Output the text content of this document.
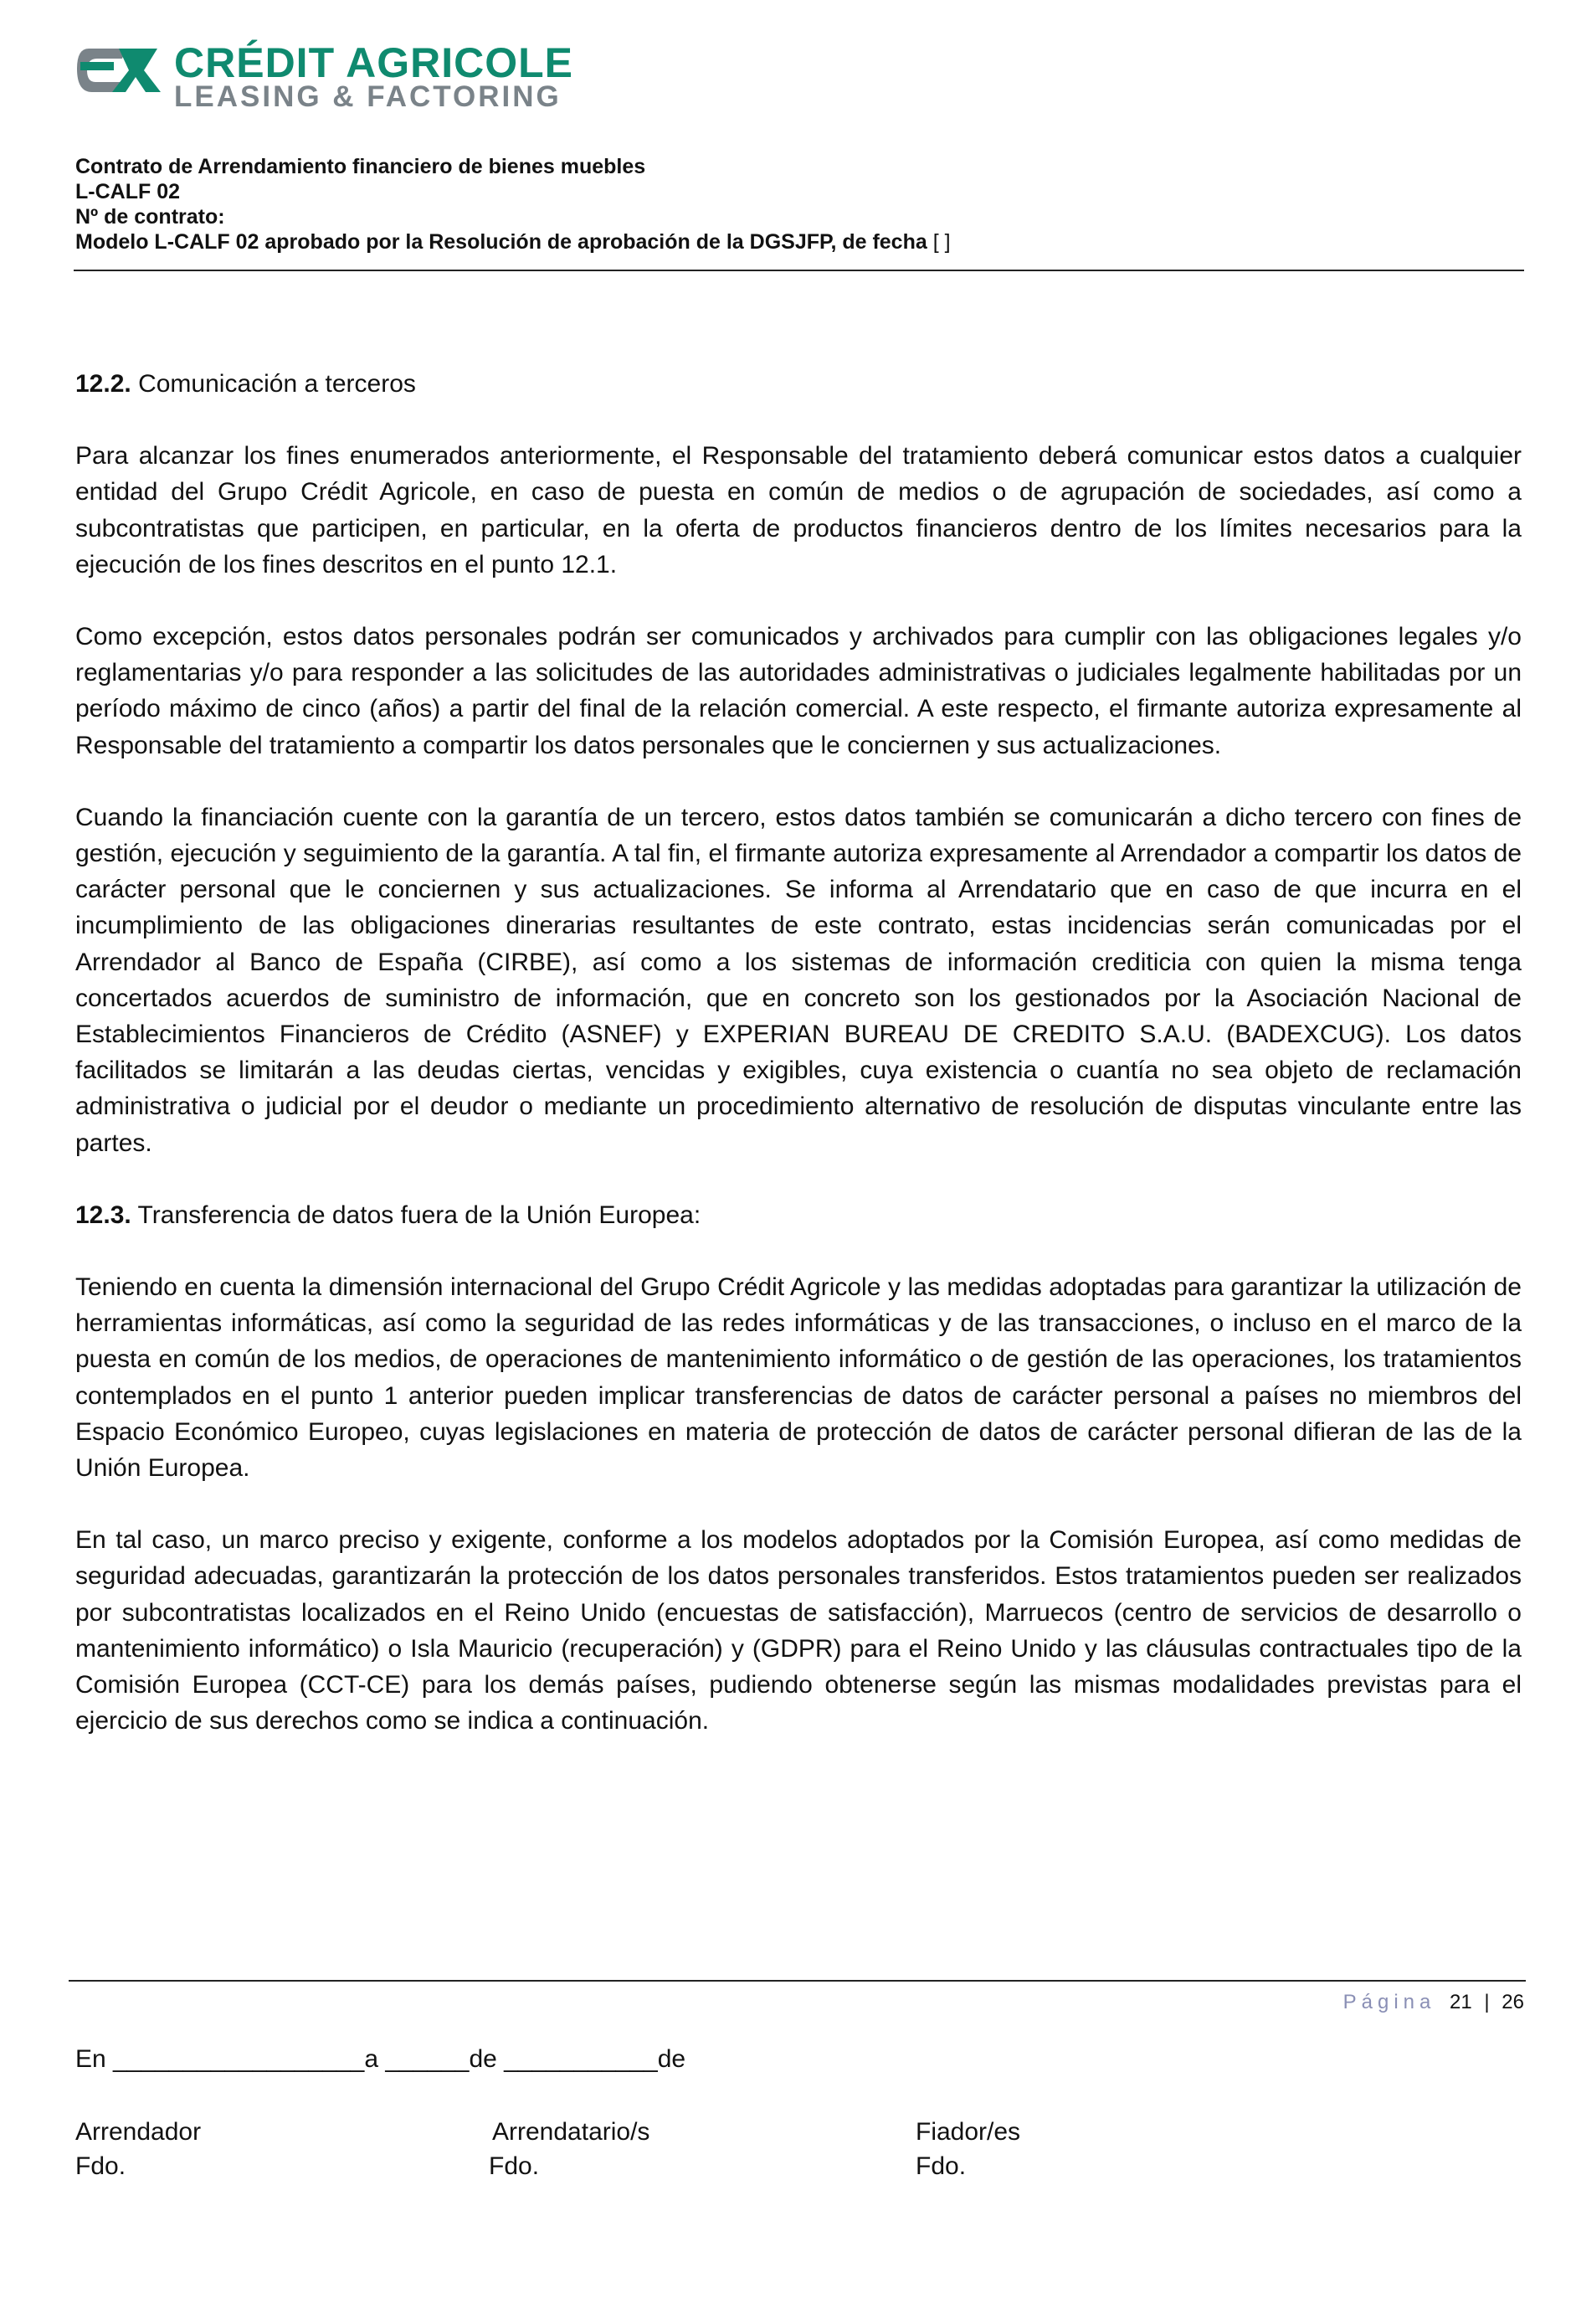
CRÉDIT AGRICOLE
LEASING & FACTORING
Contrato de Arrendamiento financiero de bienes muebles
L-CALF 02
Nº de contrato:
Modelo L-CALF 02 aprobado por la Resolución de aprobación de la DGSJFP, de fecha [ ]

12.2. Comunicación a terceros

Para alcanzar los fines enumerados anteriormente, el Responsable del tratamiento deberá comunicar estos datos a cualquier entidad del Grupo Crédit Agricole, en caso de puesta en común de medios o de agrupación de sociedades, así como a subcontratistas que participen, en particular, en la oferta de productos financieros dentro de los límites necesarios para la ejecución de los fines descritos en el punto 12.1.

Como excepción, estos datos personales podrán ser comunicados y archivados para cumplir con las obligaciones legales y/o reglamentarias y/o para responder a las solicitudes de las autoridades administrativas o judiciales legalmente habilitadas por un período máximo de cinco (años) a partir del final de la relación comercial. A este respecto, el firmante autoriza expresamente al Responsable del tratamiento a compartir los datos personales que le conciernen y sus actualizaciones.

Cuando la financiación cuente con la garantía de un tercero, estos datos también se comunicarán a dicho tercero con fines de gestión, ejecución y seguimiento de la garantía. A tal fin, el firmante autoriza expresamente al Arrendador a compartir los datos de carácter personal que le conciernen y sus actualizaciones. Se informa al Arrendatario que en caso de que incurra en el incumplimiento de las obligaciones dinerarias resultantes de este contrato, estas incidencias serán comunicadas por el Arrendador al Banco de España (CIRBE), así como a los sistemas de información crediticia con quien la misma tenga concertados acuerdos de suministro de información, que en concreto son los gestionados por la Asociación Nacional de Establecimientos Financieros de Crédito (ASNEF) y EXPERIAN BUREAU DE CREDITO S.A.U. (BADEXCUG). Los datos facilitados se limitarán a las deudas ciertas, vencidas y exigibles, cuya existencia o cuantía no sea objeto de reclamación administrativa o judicial por el deudor o mediante un procedimiento alternativo de resolución de disputas vinculante entre las partes.

12.3. Transferencia de datos fuera de la Unión Europea:

Teniendo en cuenta la dimensión internacional del Grupo Crédit Agricole y las medidas adoptadas para garantizar la utilización de herramientas informáticas, así como la seguridad de las redes informáticas y de las transacciones, o incluso en el marco de la puesta en común de los medios, de operaciones de mantenimiento informático o de gestión de las operaciones, los tratamientos contemplados en el punto 1 anterior pueden implicar transferencias de datos de carácter personal a países no miembros del Espacio Económico Europeo, cuyas legislaciones en materia de protección de datos de carácter personal difieran de las de la Unión Europea.

En tal caso, un marco preciso y exigente, conforme a los modelos adoptados por la Comisión Europea, así como medidas de seguridad adecuadas, garantizarán la protección de los datos personales transferidos. Estos tratamientos pueden ser realizados por subcontratistas localizados en el Reino Unido (encuestas de satisfacción), Marruecos (centro de servicios de desarrollo o mantenimiento informático) o Isla Mauricio (recuperación) y (GDPR) para el Reino Unido y las cláusulas contractuales tipo de la Comisión Europea (CCT-CE) para los demás países, pudiendo obtenerse según las mismas modalidades previstas para el ejercicio de sus derechos como se indica a continuación.

Página 21 | 26
En __________________a ______de ___________de
Arrendador
Fdo.
Arrendatario/s
Fdo.
Fiador/es
Fdo.
